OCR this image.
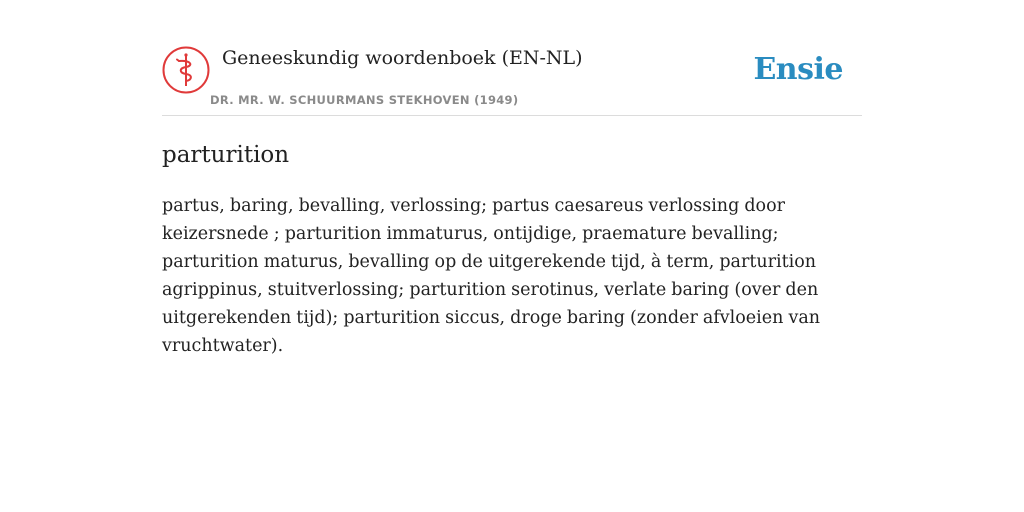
Geneeskundig woordenboek (EN-NL)
DR. MR. W. SCHUURMANS STEKHOVEN (1949)
Ensie
parturition
partus, baring, bevalling, verlossing; partus caesareus verlossing door keizersnede ; parturition immaturus, ontijdige, praemature bevalling; parturition maturus, bevalling op de uitgerekende tijd, à term, parturition agrippinus, stuitverlossing; parturition serotinus, verlate baring (over den uitgerekenden tijd); parturition siccus, droge baring (zonder afvloeien van vruchtwater).
